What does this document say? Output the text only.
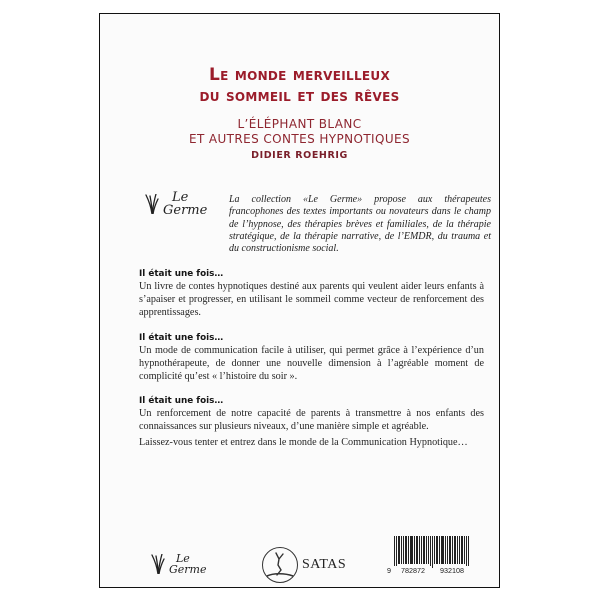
Le monde merveilleux
du sommeil et des rêves
L’ÉLÉPHANT BLANC
ET AUTRES CONTES HYPNOTIQUES
DIDIER ROEHRIG
Le
Germe
La collection «Le Germe» propose aux thérapeutes francophones des textes importants ou novateurs dans le champ de l’hypnose, des thérapies brèves et familiales, de la thérapie stratégique, de la thérapie narrative, de l’EMDR, du trauma et du constructionisme social.
Il était une fois…
Un livre de contes hypnotiques destiné aux parents qui veulent aider leurs enfants à s’apaiser et progresser, en utilisant le sommeil comme vecteur de renforcement des apprentissages.
Il était une fois…
Un mode de communication facile à utiliser, qui permet grâce à l’expérience d’un hypnothérapeute, de donner une nouvelle dimension à l’agréable moment de complicité qu’est « l’histoire du soir ».
Il était une fois…
Un renforcement de notre capacité de parents à transmettre à nos enfants des connaissances sur plusieurs niveaux, d’une manière simple et agréable.
Laissez-vous tenter et entrez dans le monde de la Communication Hypnotique…
Le
Germe	SATAS	9	782872	932108
